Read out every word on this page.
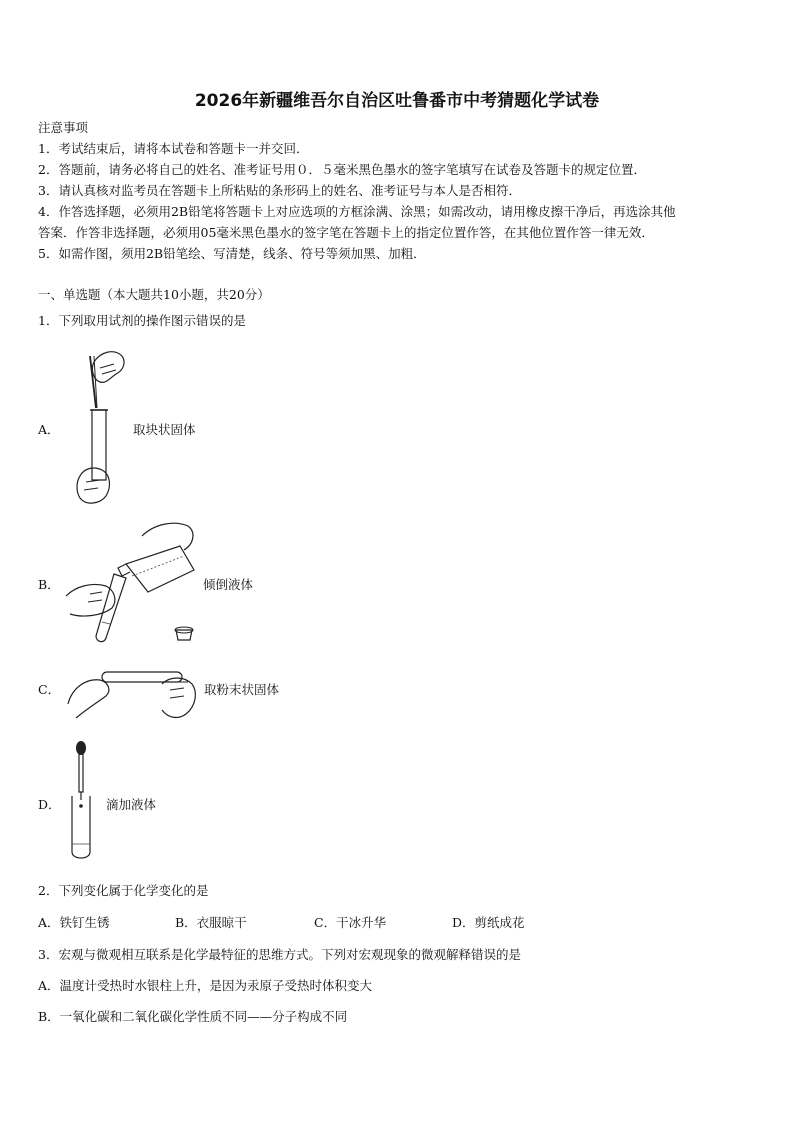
2026年新疆维吾尔自治区吐鲁番市中考猜题化学试卷
注意事项
1．考试结束后，请将本试卷和答题卡一并交回．
2．答题前，请务必将自己的姓名、准考证号用０．５毫米黑色墨水的签字笔填写在试卷及答题卡的规定位置．
3．请认真核对监考员在答题卡上所粘贴的条形码上的姓名、准考证号与本人是否相符．
4．作答选择题，必须用2B铅笔将答题卡上对应选项的方框涂满、涂黑；如需改动，请用橡皮擦干净后，再选涂其他
答案．作答非选择题，必须用05毫米黑色墨水的签字笔在答题卡上的指定位置作答，在其他位置作答一律无效．
5．如需作图，须用2B铅笔绘、写清楚，线条、符号等须加黑、加粗．
一、单选题（本大题共10小题，共20分）
1．下列取用试剂的操作图示错误的是
A．	取块状固体
B．	倾倒液体
C．	取粉末状固体
D．	滴加液体
2．下列变化属于化学变化的是
A．铁钉生锈	B．衣服晾干	C．干冰升华	D．剪纸成花
3．宏观与微观相互联系是化学最特征的思维方式。下列对宏观现象的微观解释错误的是
A．温度计受热时水银柱上升，是因为汞原子受热时体积变大
B．一氧化碳和二氧化碳化学性质不同——分子构成不同
